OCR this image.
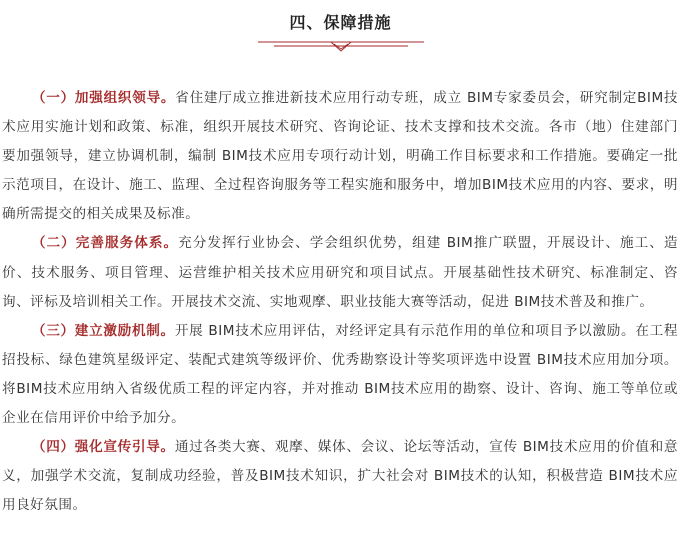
四、保障措施

（一）加强组织领导。省住建厅成立推进新技术应用行动专班，成立 BIM专家委员会，研究制定BIM技术应用实施计划和政策、标准，组织开展技术研究、咨询论证、技术支撑和技术交流。各市（地）住建部门要加强领导，建立协调机制，编制 BIM技术应用专项行动计划，明确工作目标要求和工作措施。要确定一批示范项目，在设计、施工、监理、全过程咨询服务等工程实施和服务中，增加BIM技术应用的内容、要求，明确所需提交的相关成果及标准。

（二）完善服务体系。充分发挥行业协会、学会组织优势，组建 BIM推广联盟，开展设计、施工、造价、技术服务、项目管理、运营维护相关技术应用研究和项目试点。开展基础性技术研究、标准制定、咨询、评标及培训相关工作。开展技术交流、实地观摩、职业技能大赛等活动，促进 BIM技术普及和推广。

（三）建立激励机制。开展 BIM技术应用评估，对经评定具有示范作用的单位和项目予以激励。在工程招投标、绿色建筑星级评定、装配式建筑等级评价、优秀勘察设计等奖项评选中设置 BIM技术应用加分项。将BIM技术应用纳入省级优质工程的评定内容，并对推动 BIM技术应用的勘察、设计、咨询、施工等单位或企业在信用评价中给予加分。

（四）强化宣传引导。通过各类大赛、观摩、媒体、会议、论坛等活动，宣传 BIM技术应用的价值和意义，加强学术交流，复制成功经验，普及BIM技术知识，扩大社会对 BIM技术的认知，积极营造 BIM技术应用良好氛围。
